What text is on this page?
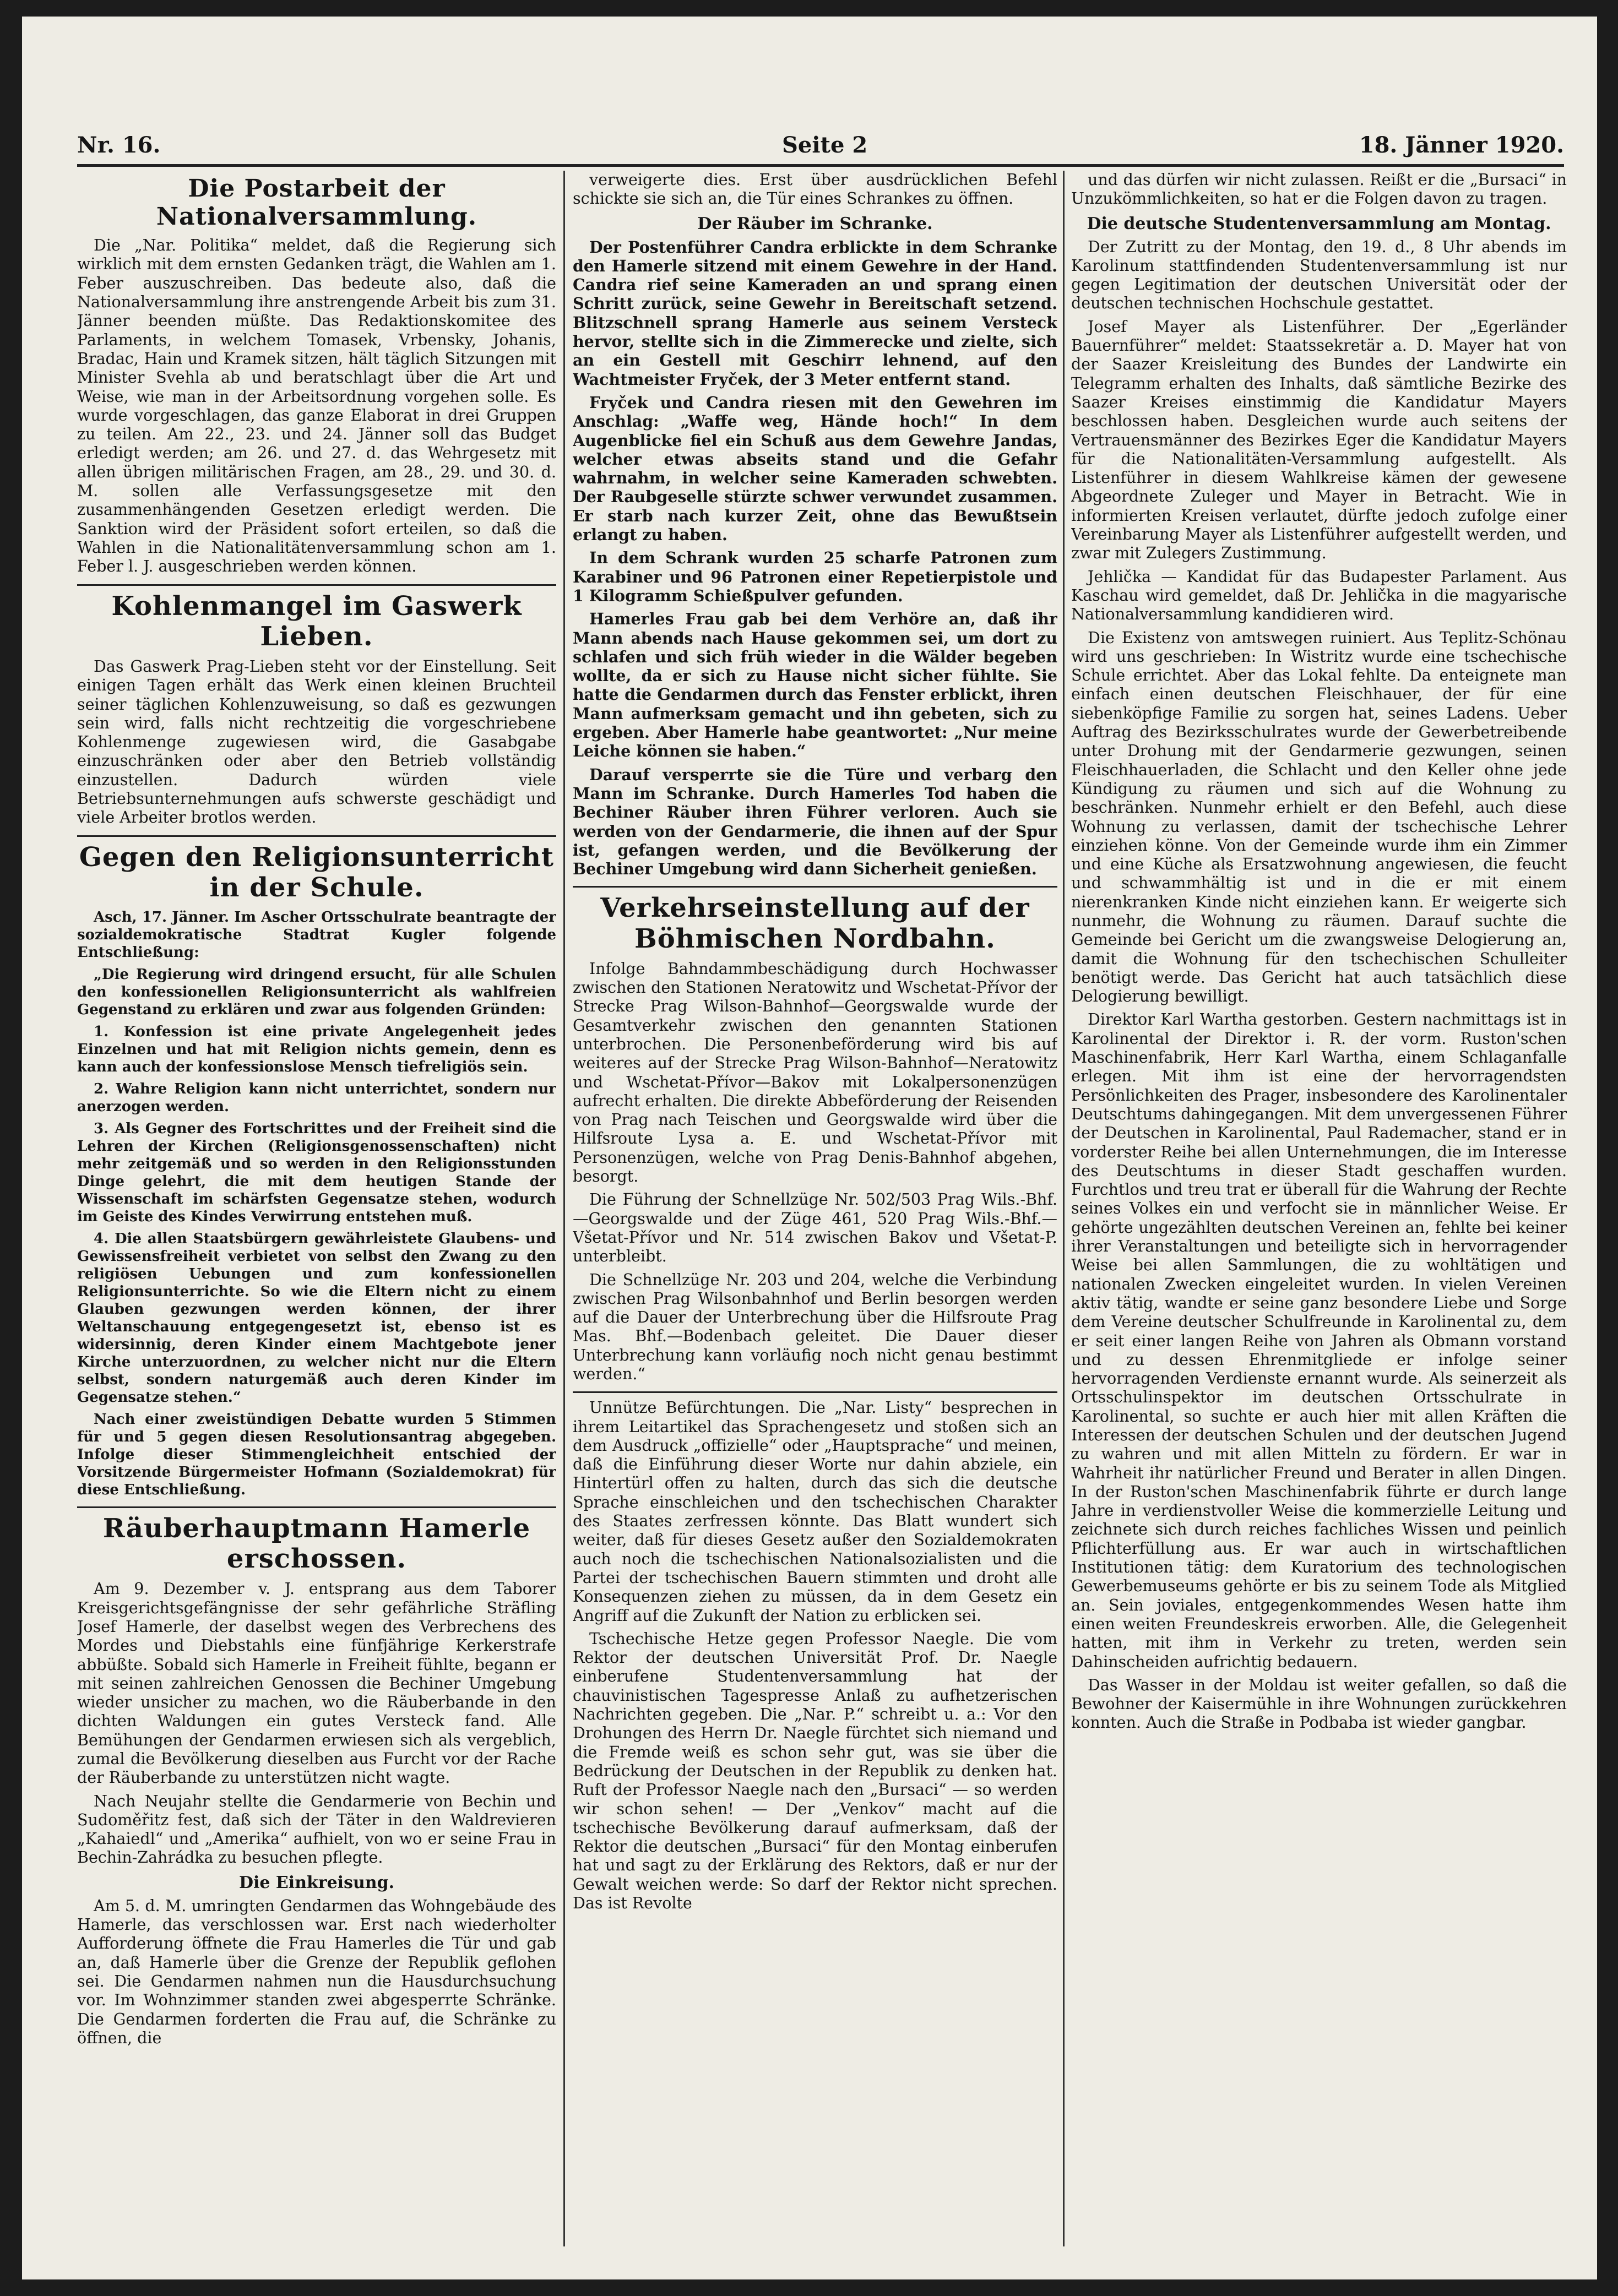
Nr. 16.	Seite 2	18. Jänner 1920.
Die Postarbeit der Nationalversammlung.

Die „Nar. Politika“ meldet, daß die Regierung sich wirklich mit dem ernsten Gedanken trägt, die Wahlen am 1. Feber auszuschreiben. Das bedeute also, daß die Nationalversammlung ihre anstrengende Arbeit bis zum 31. Jänner beenden müßte. Das Redaktionskomitee des Parlaments, in welchem Tomasek, Vrbensky, Johanis, Bradac, Hain und Kramek sitzen, hält täglich Sitzungen mit Minister Svehla ab und beratschlagt über die Art und Weise, wie man in der Arbeitsordnung vorgehen solle. Es wurde vorgeschlagen, das ganze Elaborat in drei Gruppen zu teilen. Am 22., 23. und 24. Jänner soll das Budget erledigt werden; am 26. und 27. d. das Wehrgesetz mit allen übrigen militärischen Fragen, am 28., 29. und 30. d. M. sollen alle Verfassungsgesetze mit den zusammenhängenden Gesetzen erledigt werden. Die Sanktion wird der Präsident sofort erteilen, so daß die Wahlen in die Nationalitätenversammlung schon am 1. Feber l. J. ausgeschrieben werden können.

Kohlenmangel im Gaswerk Lieben.

Das Gaswerk Prag-Lieben steht vor der Einstellung. Seit einigen Tagen erhält das Werk einen kleinen Bruchteil seiner täglichen Kohlenzuweisung, so daß es gezwungen sein wird, falls nicht rechtzeitig die vorgeschriebene Kohlenmenge zugewiesen wird, die Gasabgabe einzuschränken oder aber den Betrieb vollständig einzustellen. Dadurch würden viele Betriebsunternehmungen aufs schwerste geschädigt und viele Arbeiter brotlos werden.

Gegen den Religionsunterricht in der Schule.

Asch, 17. Jänner. Im Ascher Ortsschulrate beantragte der sozialdemokratische Stadtrat Kugler folgende Entschließung:

„Die Regierung wird dringend ersucht, für alle Schulen den konfessionellen Religionsunterricht als wahlfreien Gegenstand zu erklären und zwar aus folgenden Gründen:

1. Konfession ist eine private Angelegenheit jedes Einzelnen und hat mit Religion nichts gemein, denn es kann auch der konfessionslose Mensch tiefreligiös sein.

2. Wahre Religion kann nicht unterrichtet, sondern nur anerzogen werden.

3. Als Gegner des Fortschrittes und der Freiheit sind die Lehren der Kirchen (Religionsgenossenschaften) nicht mehr zeitgemäß und so werden in den Religionsstunden Dinge gelehrt, die mit dem heutigen Stande der Wissenschaft im schärfsten Gegensatze stehen, wodurch im Geiste des Kindes Verwirrung entstehen muß.

4. Die allen Staatsbürgern gewährleistete Glaubens- und Gewissensfreiheit verbietet von selbst den Zwang zu den religiösen Uebungen und zum konfessionellen Religionsunterrichte. So wie die Eltern nicht zu einem Glauben gezwungen werden können, der ihrer Weltanschauung entgegengesetzt ist, ebenso ist es widersinnig, deren Kinder einem Machtgebote jener Kirche unterzuordnen, zu welcher nicht nur die Eltern selbst, sondern naturgemäß auch deren Kinder im Gegensatze stehen.“

Nach einer zweistündigen Debatte wurden 5 Stimmen für und 5 gegen diesen Resolutionsantrag abgegeben. Infolge dieser Stimmengleichheit entschied der Vorsitzende Bürgermeister Hofmann (Sozialdemokrat) für diese Entschließung.

Räuberhauptmann Hamerle erschossen.

Am 9. Dezember v. J. entsprang aus dem Taborer Kreisgerichtsgefängnisse der sehr gefährliche Sträfling Josef Hamerle, der daselbst wegen des Verbrechens des Mordes und Diebstahls eine fünfjährige Kerkerstrafe abbüßte. Sobald sich Hamerle in Freiheit fühlte, begann er mit seinen zahlreichen Genossen die Bechiner Umgebung wieder unsicher zu machen, wo die Räuberbande in den dichten Waldungen ein gutes Versteck fand. Alle Bemühungen der Gendarmen erwiesen sich als vergeblich, zumal die Bevölkerung dieselben aus Furcht vor der Rache der Räuberbande zu unterstützen nicht wagte.

Nach Neujahr stellte die Gendarmerie von Bechin und Sudoměřitz fest, daß sich der Täter in den Waldrevieren „Kahaiedl“ und „Amerika“ aufhielt, von wo er seine Frau in Bechin-Zahrádka zu besuchen pflegte.

Die Einkreisung.

Am 5. d. M. umringten Gendarmen das Wohngebäude des Hamerle, das verschlossen war. Erst nach wiederholter Aufforderung öffnete die Frau Hamerles die Tür und gab an, daß Hamerle über die Grenze der Republik geflohen sei. Die Gendarmen nahmen nun die Hausdurchsuchung vor. Im Wohnzimmer standen zwei abgesperrte Schränke. Die Gendarmen forderten die Frau auf, die Schränke zu öffnen, die

verweigerte dies. Erst über ausdrücklichen Befehl schickte sie sich an, die Tür eines Schrankes zu öffnen.

Der Räuber im Schranke.

Der Postenführer Candra erblickte in dem Schranke den Hamerle sitzend mit einem Gewehre in der Hand. Candra rief seine Kameraden an und sprang einen Schritt zurück, seine Gewehr in Bereitschaft setzend. Blitzschnell sprang Hamerle aus seinem Versteck hervor, stellte sich in die Zimmerecke und zielte, sich an ein Gestell mit Geschirr lehnend, auf den Wachtmeister Fryček, der 3 Meter entfernt stand.

Fryček und Candra riesen mit den Gewehren im Anschlag: „Waffe weg, Hände hoch!“ In dem Augenblicke fiel ein Schuß aus dem Gewehre Jandas, welcher etwas abseits stand und die Gefahr wahrnahm, in welcher seine Kameraden schwebten. Der Raubgeselle stürzte schwer verwundet zusammen. Er starb nach kurzer Zeit, ohne das Bewußtsein erlangt zu haben.

In dem Schrank wurden 25 scharfe Patronen zum Karabiner und 96 Patronen einer Repetierpistole und 1 Kilogramm Schießpulver gefunden.

Hamerles Frau gab bei dem Verhöre an, daß ihr Mann abends nach Hause gekommen sei, um dort zu schlafen und sich früh wieder in die Wälder begeben wollte, da er sich zu Hause nicht sicher fühlte. Sie hatte die Gendarmen durch das Fenster erblickt, ihren Mann aufmerksam gemacht und ihn gebeten, sich zu ergeben. Aber Hamerle habe geantwortet: „Nur meine Leiche können sie haben.“

Darauf versperrte sie die Türe und verbarg den Mann im Schranke. Durch Hamerles Tod haben die Bechiner Räuber ihren Führer verloren. Auch sie werden von der Gendarmerie, die ihnen auf der Spur ist, gefangen werden, und die Bevölkerung der Bechiner Umgebung wird dann Sicherheit genießen.

Verkehrseinstellung auf der Böhmischen Nordbahn.

Infolge Bahndammbeschädigung durch Hochwasser zwischen den Stationen Neratowitz und Wschetat-Přívor der Strecke Prag Wilson-Bahnhof—Georgswalde wurde der Gesamtverkehr zwischen den genannten Stationen unterbrochen. Die Personenbeförderung wird bis auf weiteres auf der Strecke Prag Wilson-Bahnhof—Neratowitz und Wschetat-Přívor—Bakov mit Lokalpersonenzügen aufrecht erhalten. Die direkte Abbeförderung der Reisenden von Prag nach Teischen und Georgswalde wird über die Hilfsroute Lysa a. E. und Wschetat-Přívor mit Personenzügen, welche von Prag Denis-Bahnhof abgehen, besorgt.

Die Führung der Schnellzüge Nr. 502/503 Prag Wils.-Bhf.—Georgswalde und der Züge 461, 520 Prag Wils.-Bhf.—Všetat-Přívor und Nr. 514 zwischen Bakov und Všetat-P. unterbleibt.

Die Schnellzüge Nr. 203 und 204, welche die Verbindung zwischen Prag Wilsonbahnhof und Berlin besorgen werden auf die Dauer der Unterbrechung über die Hilfsroute Prag Mas. Bhf.—Bodenbach geleitet. Die Dauer dieser Unterbrechung kann vorläufig noch nicht genau bestimmt werden.“

Unnütze Befürchtungen. Die „Nar. Listy“ besprechen in ihrem Leitartikel das Sprachengesetz und stoßen sich an dem Ausdruck „offizielle“ oder „Hauptsprache“ und meinen, daß die Einführung dieser Worte nur dahin abziele, ein Hintertürl offen zu halten, durch das sich die deutsche Sprache einschleichen und den tschechischen Charakter des Staates zerfressen könnte. Das Blatt wundert sich weiter, daß für dieses Gesetz außer den Sozialdemokraten auch noch die tschechischen Nationalsozialisten und die Partei der tschechischen Bauern stimmten und droht alle Konsequenzen ziehen zu müssen, da in dem Gesetz ein Angriff auf die Zukunft der Nation zu erblicken sei.

Tschechische Hetze gegen Professor Naegle. Die vom Rektor der deutschen Universität Prof. Dr. Naegle einberufene Studentenversammlung hat der chauvinistischen Tagespresse Anlaß zu aufhetzerischen Nachrichten gegeben. Die „Nar. P.“ schreibt u. a.: Vor den Drohungen des Herrn Dr. Naegle fürchtet sich niemand und die Fremde weiß es schon sehr gut, was sie über die Bedrückung der Deutschen in der Republik zu denken hat. Ruft der Professor Naegle nach den „Bursaci“ — so werden wir schon sehen! — Der „Venkov“ macht auf die tschechische Bevölkerung darauf aufmerksam, daß der Rektor die deutschen „Bursaci“ für den Montag einberufen hat und sagt zu der Erklärung des Rektors, daß er nur der Gewalt weichen werde: So darf der Rektor nicht sprechen. Das ist Revolte

und das dürfen wir nicht zulassen. Reißt er die „Bursaci“ in Unzukömmlichkeiten, so hat er die Folgen davon zu tragen.

Die deutsche Studentenversammlung am Montag.

Der Zutritt zu der Montag, den 19. d., 8 Uhr abends im Karolinum stattfindenden Studentenversammlung ist nur gegen Legitimation der deutschen Universität oder der deutschen technischen Hochschule gestattet.

Josef Mayer als Listenführer. Der „Egerländer Bauernführer“ meldet: Staatssekretär a. D. Mayer hat von der Saazer Kreisleitung des Bundes der Landwirte ein Telegramm erhalten des Inhalts, daß sämtliche Bezirke des Saazer Kreises einstimmig die Kandidatur Mayers beschlossen haben. Desgleichen wurde auch seitens der Vertrauensmänner des Bezirkes Eger die Kandidatur Mayers für die Nationalitäten-Versammlung aufgestellt. Als Listenführer in diesem Wahlkreise kämen der gewesene Abgeordnete Zuleger und Mayer in Betracht. Wie in informierten Kreisen verlautet, dürfte jedoch zufolge einer Vereinbarung Mayer als Listenführer aufgestellt werden, und zwar mit Zulegers Zustimmung.

Jehlička — Kandidat für das Budapester Parlament. Aus Kaschau wird gemeldet, daß Dr. Jehlička in die magyarische Nationalversammlung kandidieren wird.

Die Existenz von amtswegen ruiniert. Aus Teplitz-Schönau wird uns geschrieben: In Wistritz wurde eine tschechische Schule errichtet. Aber das Lokal fehlte. Da enteignete man einfach einen deutschen Fleischhauer, der für eine siebenköpfige Familie zu sorgen hat, seines Ladens. Ueber Auftrag des Bezirksschulrates wurde der Gewerbetreibende unter Drohung mit der Gendarmerie gezwungen, seinen Fleischhauerladen, die Schlacht und den Keller ohne jede Kündigung zu räumen und sich auf die Wohnung zu beschränken. Nunmehr erhielt er den Befehl, auch diese Wohnung zu verlassen, damit der tschechische Lehrer einziehen könne. Von der Gemeinde wurde ihm ein Zimmer und eine Küche als Ersatzwohnung angewiesen, die feucht und schwammhältig ist und in die er mit einem nierenkranken Kinde nicht einziehen kann. Er weigerte sich nunmehr, die Wohnung zu räumen. Darauf suchte die Gemeinde bei Gericht um die zwangsweise Delogierung an, damit die Wohnung für den tschechischen Schulleiter benötigt werde. Das Gericht hat auch tatsächlich diese Delogierung bewilligt.

Direktor Karl Wartha gestorben. Gestern nachmittags ist in Karolinental der Direktor i. R. der vorm. Ruston'schen Maschinenfabrik, Herr Karl Wartha, einem Schlaganfalle erlegen. Mit ihm ist eine der hervorragendsten Persönlichkeiten des Prager, insbesondere des Karolinentaler Deutschtums dahingegangen. Mit dem unvergessenen Führer der Deutschen in Karolinental, Paul Rademacher, stand er in vorderster Reihe bei allen Unternehmungen, die im Interesse des Deutschtums in dieser Stadt geschaffen wurden. Furchtlos und treu trat er überall für die Wahrung der Rechte seines Volkes ein und verfocht sie in männlicher Weise. Er gehörte ungezählten deutschen Vereinen an, fehlte bei keiner ihrer Veranstaltungen und beteiligte sich in hervorragender Weise bei allen Sammlungen, die zu wohltätigen und nationalen Zwecken eingeleitet wurden. In vielen Vereinen aktiv tätig, wandte er seine ganz besondere Liebe und Sorge dem Vereine deutscher Schulfreunde in Karolinental zu, dem er seit einer langen Reihe von Jahren als Obmann vorstand und zu dessen Ehrenmitgliede er infolge seiner hervorragenden Verdienste ernannt wurde. Als seinerzeit als Ortsschulinspektor im deutschen Ortsschulrate in Karolinental, so suchte er auch hier mit allen Kräften die Interessen der deutschen Schulen und der deutschen Jugend zu wahren und mit allen Mitteln zu fördern. Er war in Wahrheit ihr natürlicher Freund und Berater in allen Dingen. In der Ruston'schen Maschinenfabrik führte er durch lange Jahre in verdienstvoller Weise die kommerzielle Leitung und zeichnete sich durch reiches fachliches Wissen und peinlich Pflichterfüllung aus. Er war auch in wirtschaftlichen Institutionen tätig: dem Kuratorium des technologischen Gewerbemuseums gehörte er bis zu seinem Tode als Mitglied an. Sein joviales, entgegenkommendes Wesen hatte ihm einen weiten Freundeskreis erworben. Alle, die Gelegenheit hatten, mit ihm in Verkehr zu treten, werden sein Dahinscheiden aufrichtig bedauern.

Das Wasser in der Moldau ist weiter gefallen, so daß die Bewohner der Kaisermühle in ihre Wohnungen zurückkehren konnten. Auch die Straße in Podbaba ist wieder gangbar.
